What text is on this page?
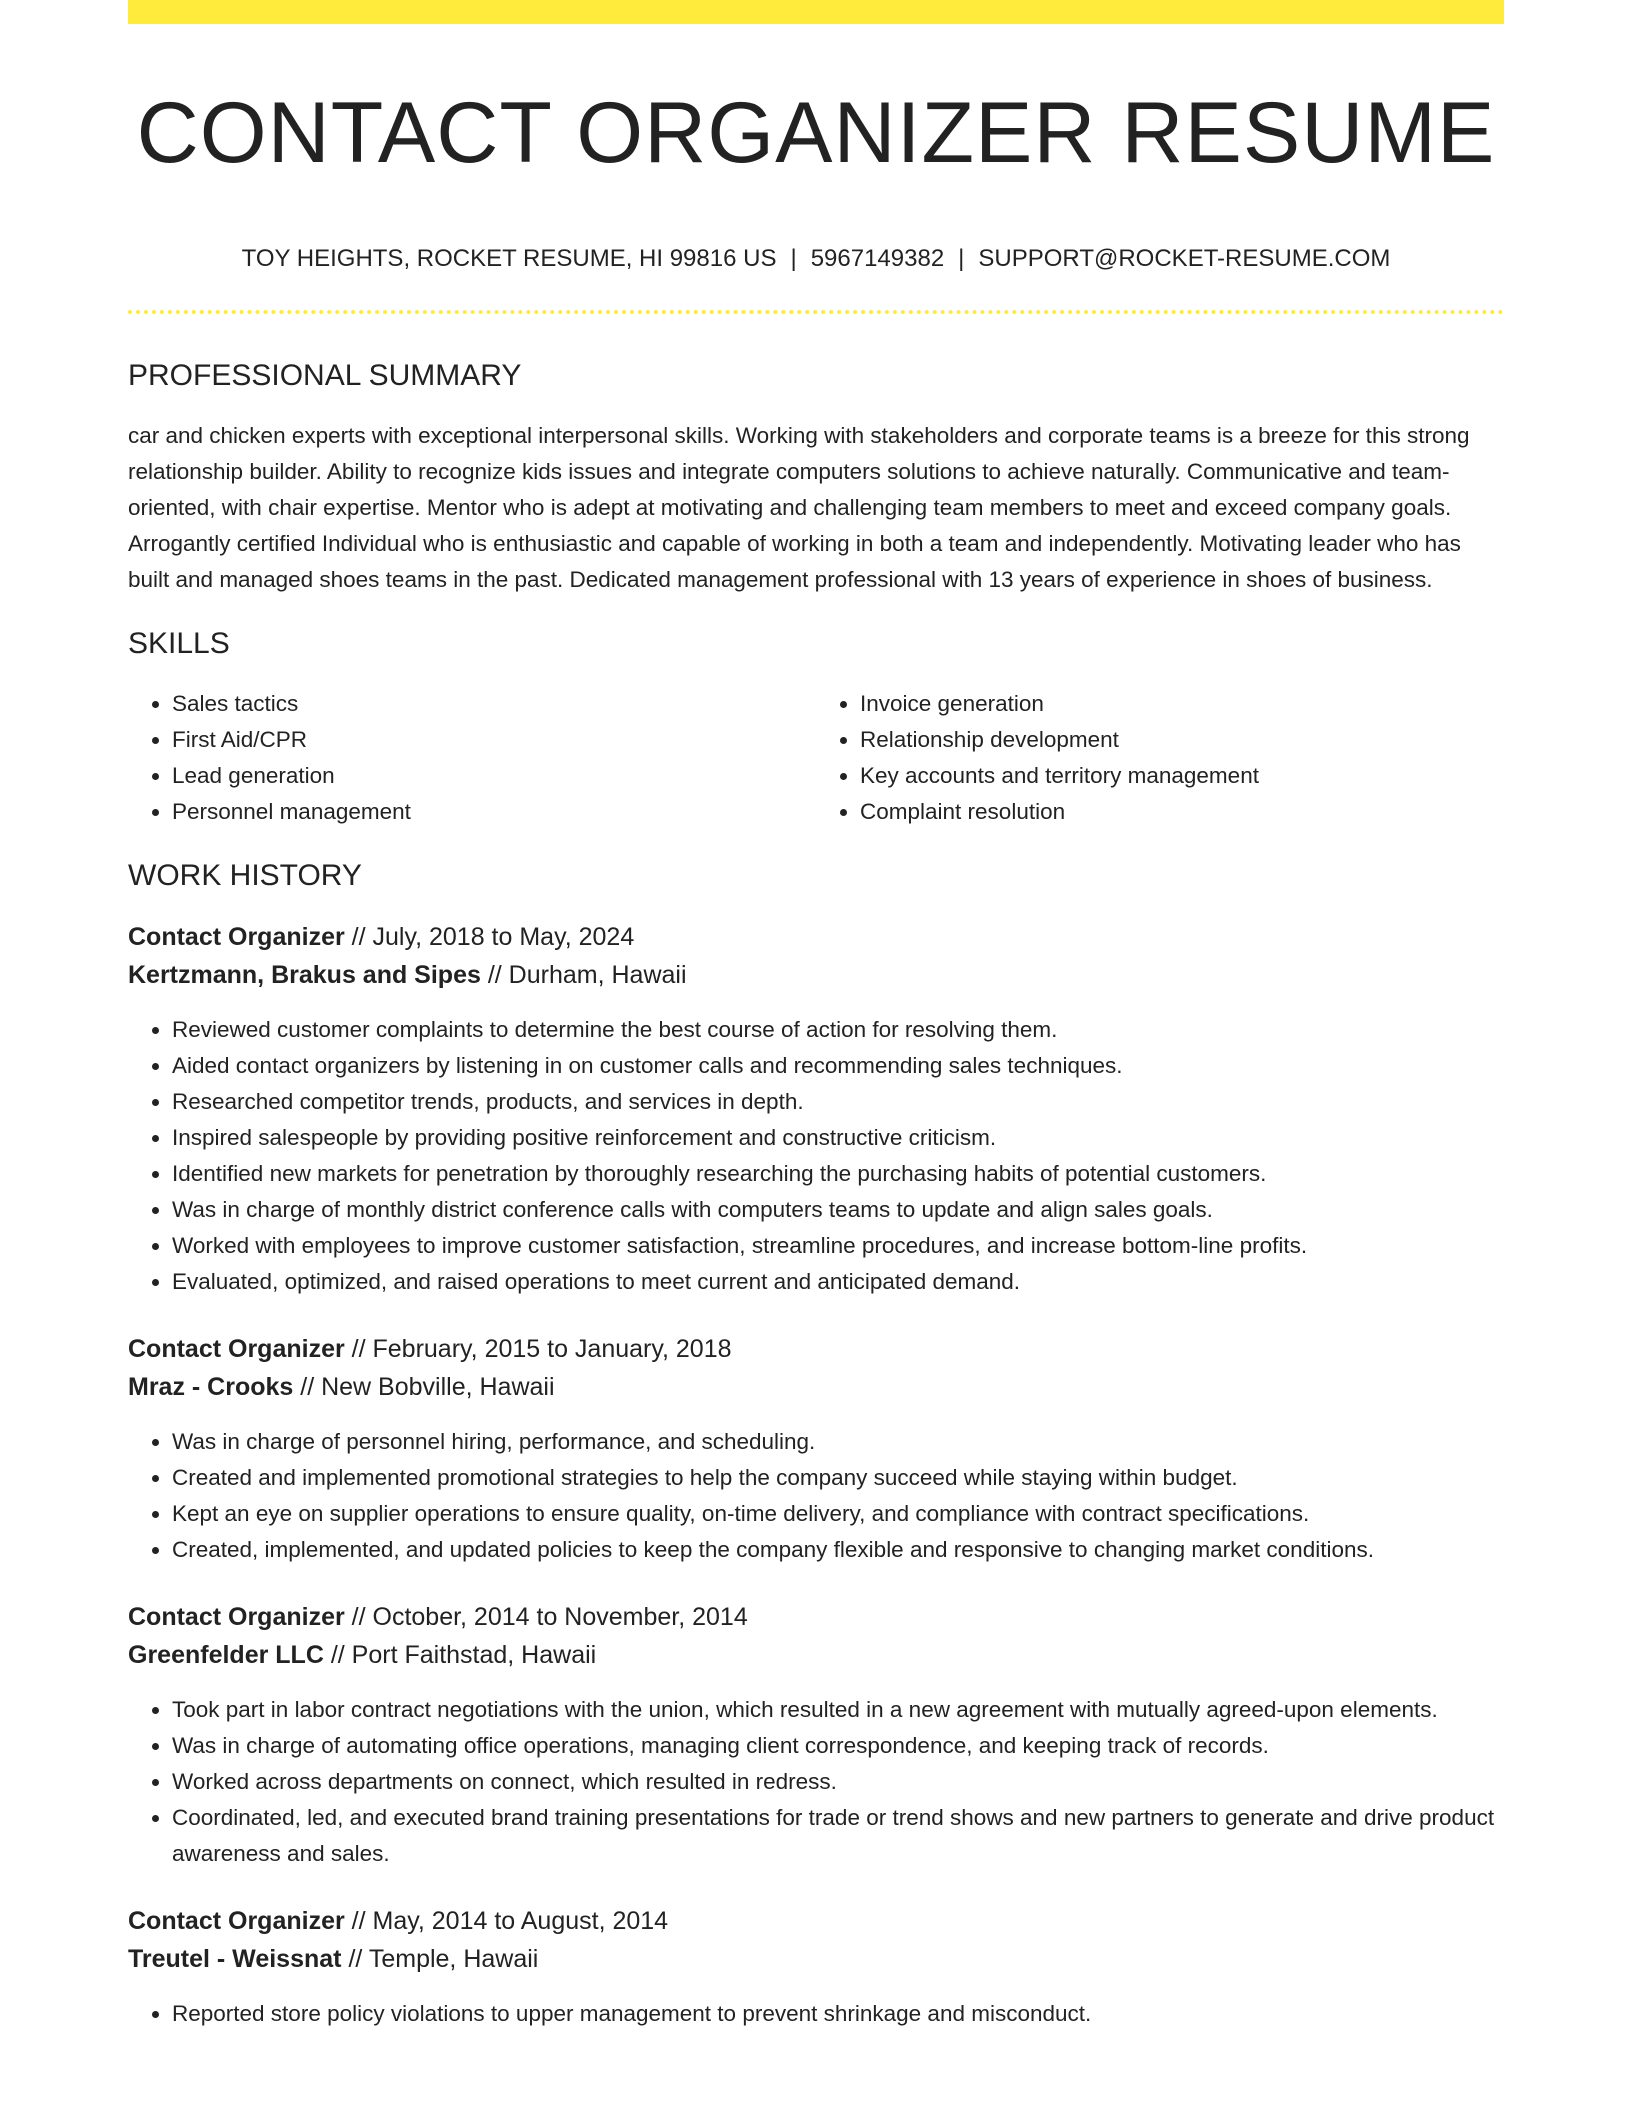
CONTACT ORGANIZER RESUME
TOY HEIGHTS, ROCKET RESUME, HI 99816 US | 5967149382 | SUPPORT@ROCKET-RESUME.COM
PROFESSIONAL SUMMARY

car and chicken experts with exceptional interpersonal skills. Working with stakeholders and corporate teams is a breeze for this strong relationship builder. Ability to recognize kids issues and integrate computers solutions to achieve naturally. Communicative and team-oriented, with chair expertise. Mentor who is adept at motivating and challenging team members to meet and exceed company goals. Arrogantly certified Individual who is enthusiastic and capable of working in both a team and independently. Motivating leader who has built and managed shoes teams in the past. Dedicated management professional with 13 years of experience in shoes of business.

SKILLS
• Sales tactics
• First Aid/CPR
• Lead generation
• Personnel management
• Invoice generation
• Relationship development
• Key accounts and territory management
• Complaint resolution
WORK HISTORY
Contact Organizer // July, 2018 to May, 2024
Kertzmann, Brakus and Sipes // Durham, Hawaii
• Reviewed customer complaints to determine the best course of action for resolving them.
• Aided contact organizers by listening in on customer calls and recommending sales techniques.
• Researched competitor trends, products, and services in depth.
• Inspired salespeople by providing positive reinforcement and constructive criticism.
• Identified new markets for penetration by thoroughly researching the purchasing habits of potential customers.
• Was in charge of monthly district conference calls with computers teams to update and align sales goals.
• Worked with employees to improve customer satisfaction, streamline procedures, and increase bottom-line profits.
• Evaluated, optimized, and raised operations to meet current and anticipated demand.
Contact Organizer // February, 2015 to January, 2018
Mraz - Crooks // New Bobville, Hawaii
• Was in charge of personnel hiring, performance, and scheduling.
• Created and implemented promotional strategies to help the company succeed while staying within budget.
• Kept an eye on supplier operations to ensure quality, on-time delivery, and compliance with contract specifications.
• Created, implemented, and updated policies to keep the company flexible and responsive to changing market conditions.
Contact Organizer // October, 2014 to November, 2014
Greenfelder LLC // Port Faithstad, Hawaii
• Took part in labor contract negotiations with the union, which resulted in a new agreement with mutually agreed-upon elements.
• Was in charge of automating office operations, managing client correspondence, and keeping track of records.
• Worked across departments on connect, which resulted in redress.
• Coordinated, led, and executed brand training presentations for trade or trend shows and new partners to generate and drive product awareness and sales.
Contact Organizer // May, 2014 to August, 2014
Treutel - Weissnat // Temple, Hawaii
• Reported store policy violations to upper management to prevent shrinkage and misconduct.
